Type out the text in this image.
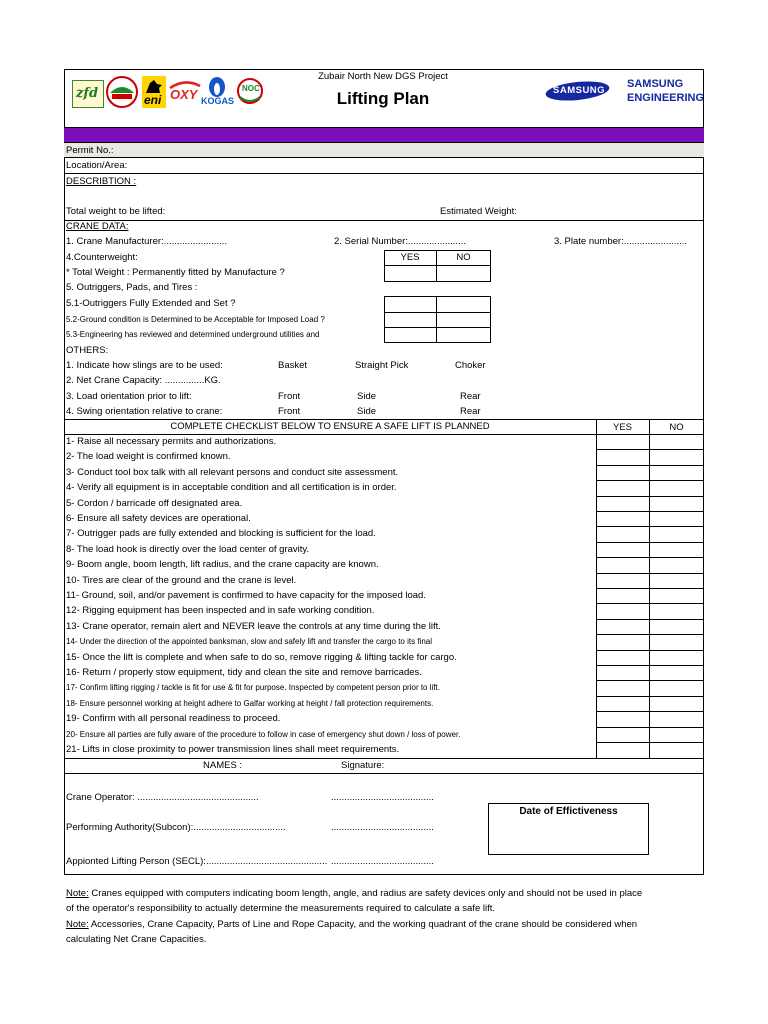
zfd	eni OXY KOGAS
NOC
Zubair North New DGS Project
Lifting Plan	SAMSUNG
SAMSUNG
ENGINEERING
Permit No.:
Location/Area:
DESCRIBTION :
Total weight to be lifted:	Estimated Weight:
CRANE DATA:
1. Crane Manufacturer:........................	2. Serial Number:......................	3. Plate number:........................
4.Counterweight:
* Total Weight : Permanently fitted by Manufacture ?
5. Outriggers, Pads, and Tires :
5.1-Outriggers Fully Extended and Set ?
5.2-Ground condition is Determined to be Acceptable for Imposed Load ?
5.3-Engineering has reviewed and determined underground utilities and
YES	NO
OTHERS:
1. Indicate how slings are to be used:	Basket	Straight Pick	Choker
2. Net Crane Capacity: ...............KG.
3. Load orientation prior to lift:	Front	Side	Rear
4. Swing orientation relative to crane:	Front	Side	Rear
COMPLETE CHECKLIST BELOW TO ENSURE A SAFE LIFT IS PLANNED	YES	NO
1- Raise all necessary permits and authorizations.
2- The load weight is confirmed known.
3- Conduct tool box talk with all relevant persons and conduct site assessment.
4- Verify all equipment is in acceptable condition and all certification is in order.
5- Cordon / barricade off designated area.
6- Ensure all safety devices are operational.
7- Outrigger pads are fully extended and blocking is sufficient for the load.
8- The load hook is directly over the load center of gravity.
9- Boom angle, boom length, lift radius, and the crane capacity are known.
10- Tires are clear of the ground and the crane is level.
11- Ground, soil, and/or pavement is confirmed to have capacity for the imposed load.
12- Rigging equipment has been inspected and in safe working condition.
13- Crane operator, remain alert and NEVER leave the controls at any time during the lift.
14- Under the direction of the appointed banksman, slow and safely lift and transfer the cargo to its final
15- Once the lift is complete and when safe to do so, remove rigging & lifting tackle for cargo.
16- Return / properly stow equipment, tidy and clean the site and remove barricades.
17- Confirm lifting rigging / tackle is fit for use & fit for purpose. Inspected by competent person prior to lift.
18- Ensure personnel working at height adhere to Galfar working at height / fall protection requirements.
19- Confirm with all personal readiness to proceed.
20- Ensure all parties are fully aware of the procedure to follow in case of emergency shut down / loss of power.
21- Lifts in close proximity to power transmission lines shall meet requirements.
NAMES :	Signature:
Crane Operator: ..............................................	.......................................
Performing Authority(Subcon):...................................	.......................................
Appionted Lifting Person (SECL):.............................................. .......................................
Date of Effictiveness
Note: Cranes equipped with computers indicating boom length, angle, and radius are safety devices only and should not be used in place
of the operator's responsibility to actually determine the measurements required to calculate a safe lift.
Note: Accessories, Crane Capacity, Parts of Line and Rope Capacity, and the working quadrant of the crane should be considered when
calculating Net Crane Capacities.
